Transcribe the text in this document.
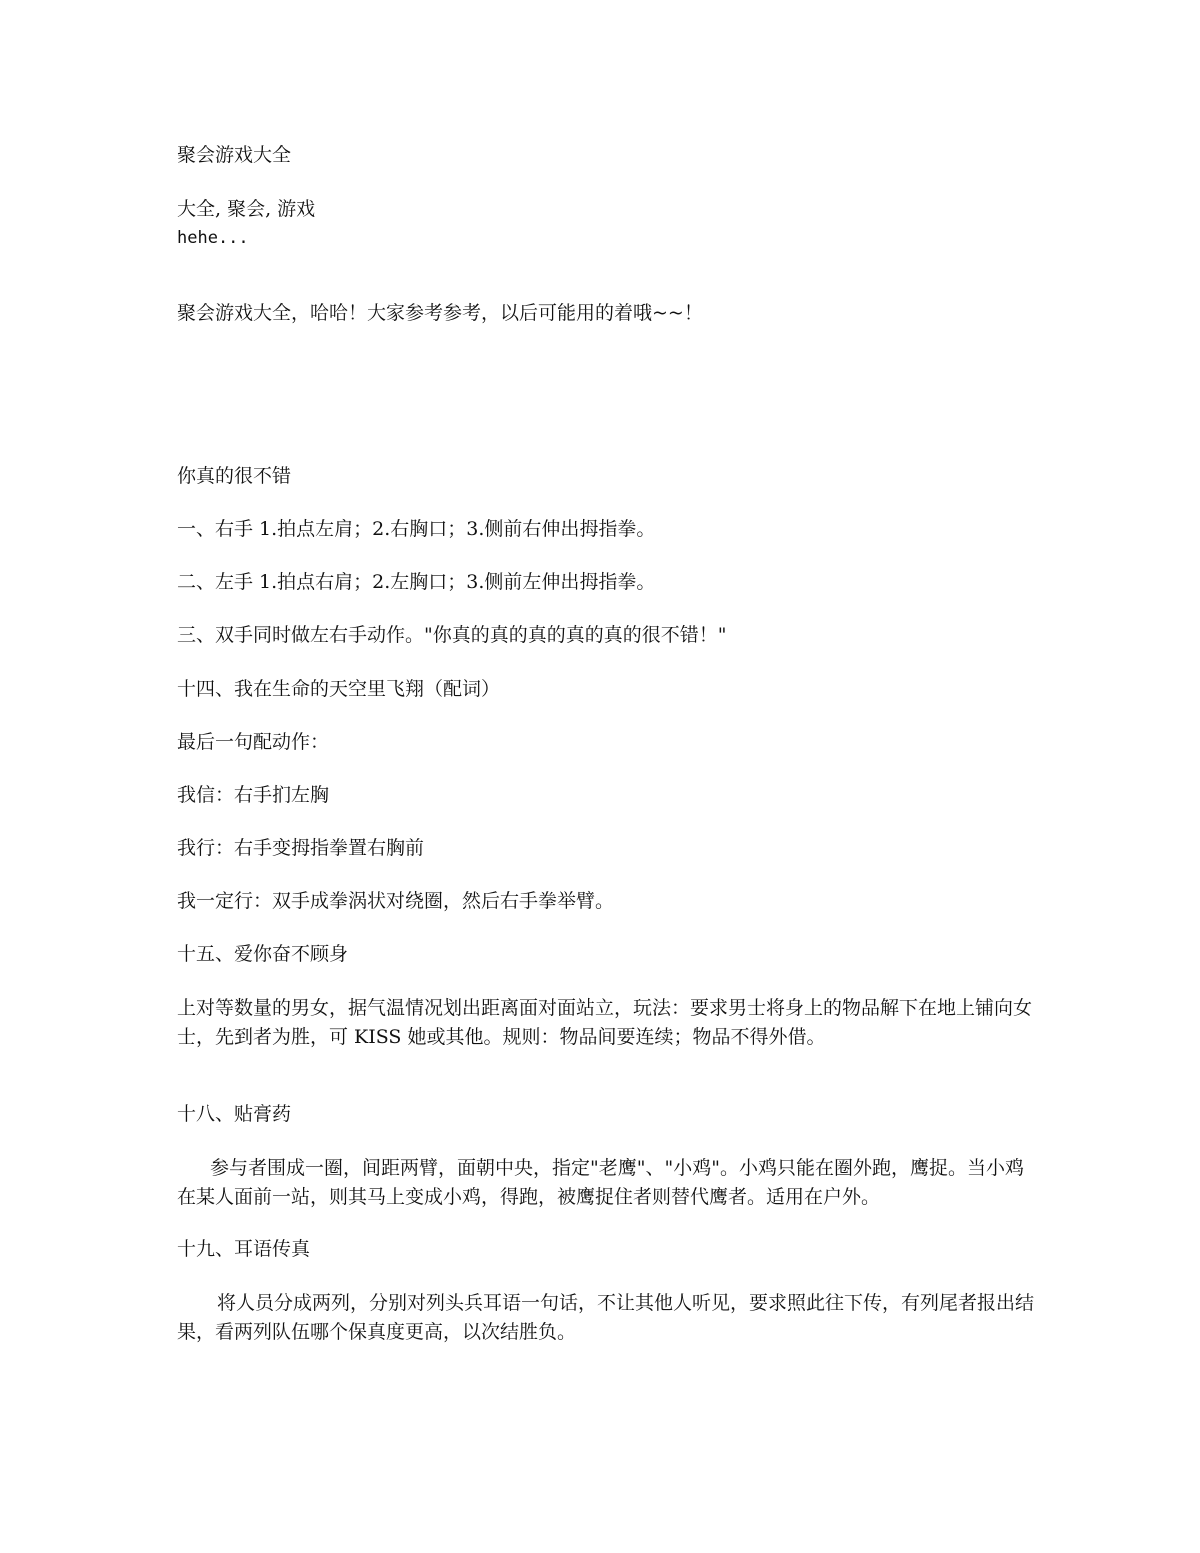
聚会游戏大全

大全, 聚会, 游戏

hehe...

聚会游戏大全，哈哈！大家参考参考，以后可能用的着哦~~！

你真的很不错

一、右手 1.拍点左肩；2.右胸口；3.侧前右伸出拇指拳。

二、左手 1.拍点右肩；2.左胸口；3.侧前左伸出拇指拳。

三、双手同时做左右手动作。"你真的真的真的真的真的很不错！"

十四、我在生命的天空里飞翔（配词）

最后一句配动作：

我信：右手扪左胸

我行：右手变拇指拳置右胸前

我一定行：双手成拳涡状对绕圈，然后右手拳举臂。

十五、爱你奋不顾身

上对等数量的男女，据气温情况划出距离面对面站立，玩法：要求男士将身上的物品解下在地上铺向女士，先到者为胜，可 KISS 她或其他。规则：物品间要连续；物品不得外借。

十八、贴膏药

参与者围成一圈，间距两臂，面朝中央，指定"老鹰"、"小鸡"。小鸡只能在圈外跑，鹰捉。当小鸡在某人面前一站，则其马上变成小鸡，得跑，被鹰捉住者则替代鹰者。适用在户外。

十九、耳语传真

将人员分成两列，分别对列头兵耳语一句话，不让其他人听见，要求照此往下传，有列尾者报出结果，看两列队伍哪个保真度更高，以次结胜负。
